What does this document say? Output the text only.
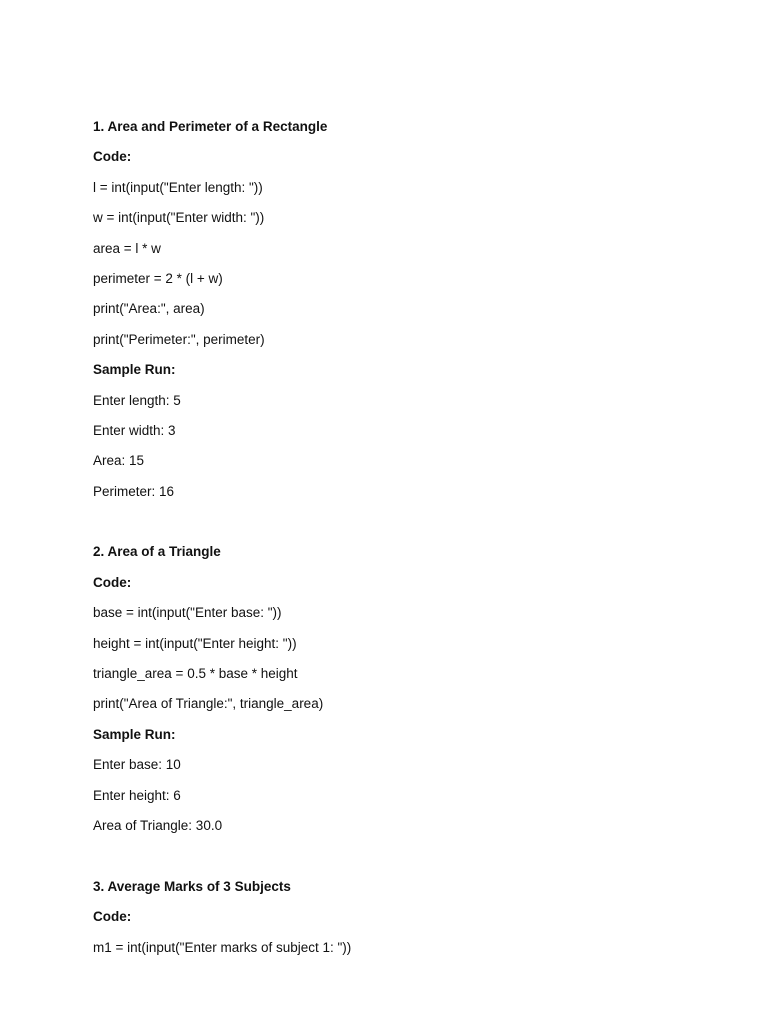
1. Area and Perimeter of a Rectangle

Code:

l = int(input("Enter length: "))

w = int(input("Enter width: "))

area = l * w

perimeter = 2 * (l + w)

print("Area:", area)

print("Perimeter:", perimeter)

Sample Run:

Enter length: 5

Enter width: 3

Area: 15

Perimeter: 16

2. Area of a Triangle

Code:

base = int(input("Enter base: "))

height = int(input("Enter height: "))

triangle_area = 0.5 * base * height

print("Area of Triangle:", triangle_area)

Sample Run:

Enter base: 10

Enter height: 6

Area of Triangle: 30.0

3. Average Marks of 3 Subjects

Code:

m1 = int(input("Enter marks of subject 1: "))
